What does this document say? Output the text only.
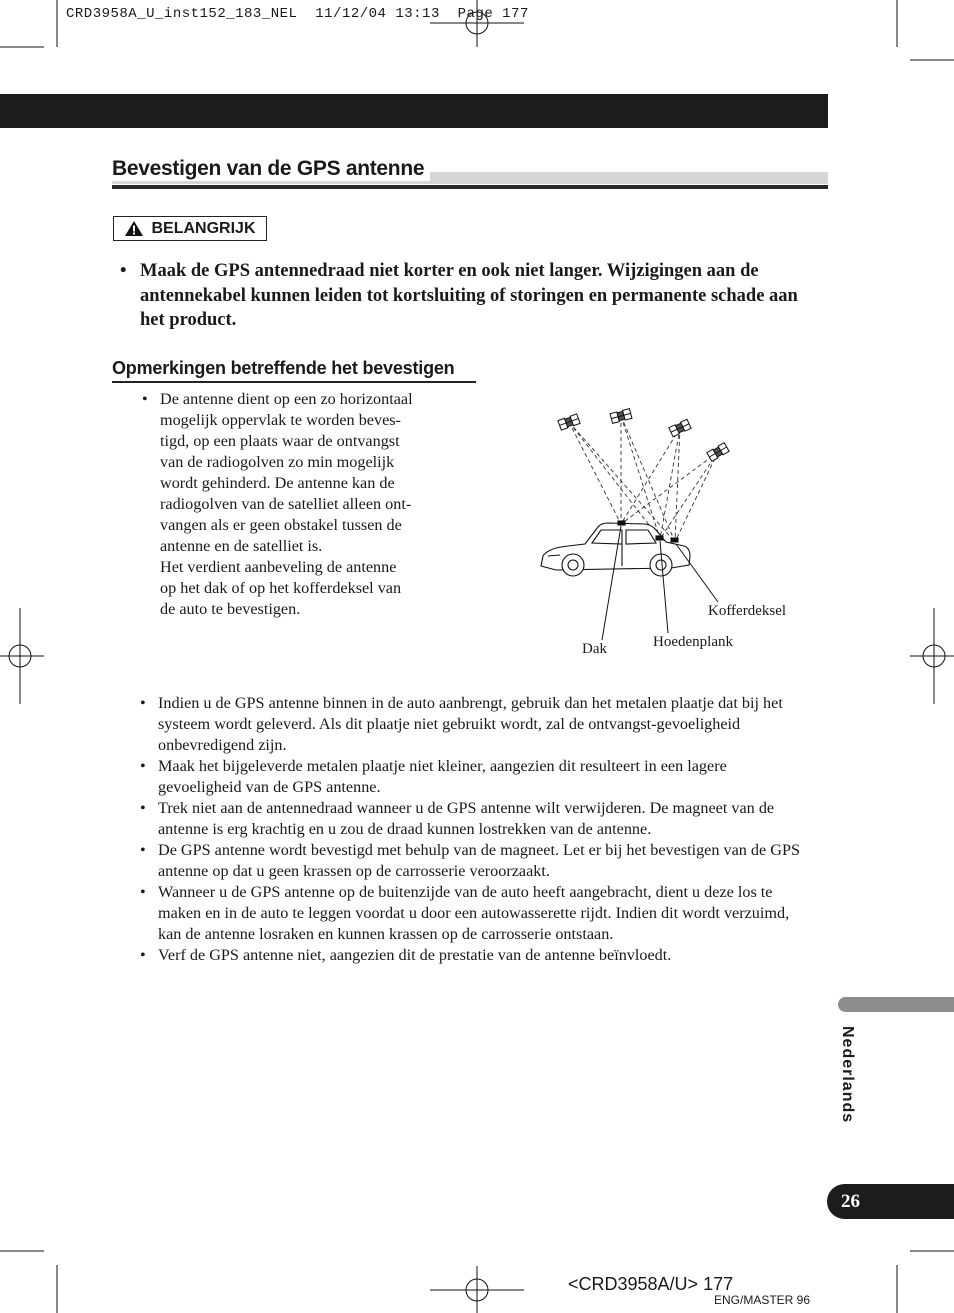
CRD3958A_U_inst152_183_NEL  11/12/04 13:13  Page 177
Bevestigen van de GPS antenne
BELANGRIJK
• Maak de GPS antennedraad niet korter en ook niet langer. Wijzigingen aan de antennekabel kunnen leiden tot kortsluiting of storingen en permanente schade aan het product.
Opmerkingen betreffende het bevestigen
• De antenne dient op een zo horizontaal
mogelijk oppervlak te worden beves-
tigd, op een plaats waar de ontvangst
van de radiogolven zo min mogelijk
wordt gehinderd. De antenne kan de
radiogolven van de satelliet alleen ont-
vangen als er geen obstakel tussen de
antenne en de satelliet is.
Het verdient aanbeveling de antenne
op het dak of op het kofferdeksel van
de auto te bevestigen.
Dak	Hoedenplank
Kofferdeksel
• Indien u de GPS antenne binnen in de auto aanbrengt, gebruik dan het metalen plaatje dat bij het systeem wordt geleverd. Als dit plaatje niet gebruikt wordt, zal de ontvangst-gevoeligheid onbevredigend zijn.
• Maak het bijgeleverde metalen plaatje niet kleiner, aangezien dit resulteert in een lagere gevoeligheid van de GPS antenne.
• Trek niet aan de antennedraad wanneer u de GPS antenne wilt verwijderen. De magneet van de antenne is erg krachtig en u zou de draad kunnen lostrekken van de antenne.
• De GPS antenne wordt bevestigd met behulp van de magneet. Let er bij het bevestigen van de GPS antenne op dat u geen krassen op de carrosserie veroorzaakt.
• Wanneer u de GPS antenne op de buitenzijde van de auto heeft aangebracht, dient u deze los te maken en in de auto te leggen voordat u door een autowasserette rijdt. Indien dit wordt verzuimd, kan de antenne losraken en kunnen krassen op de carrosserie ontstaan.
• Verf de GPS antenne niet, aangezien dit de prestatie van de antenne beïnvloedt.
Nederlands
26
<CRD3958A/U> 177
ENG/MASTER 96
